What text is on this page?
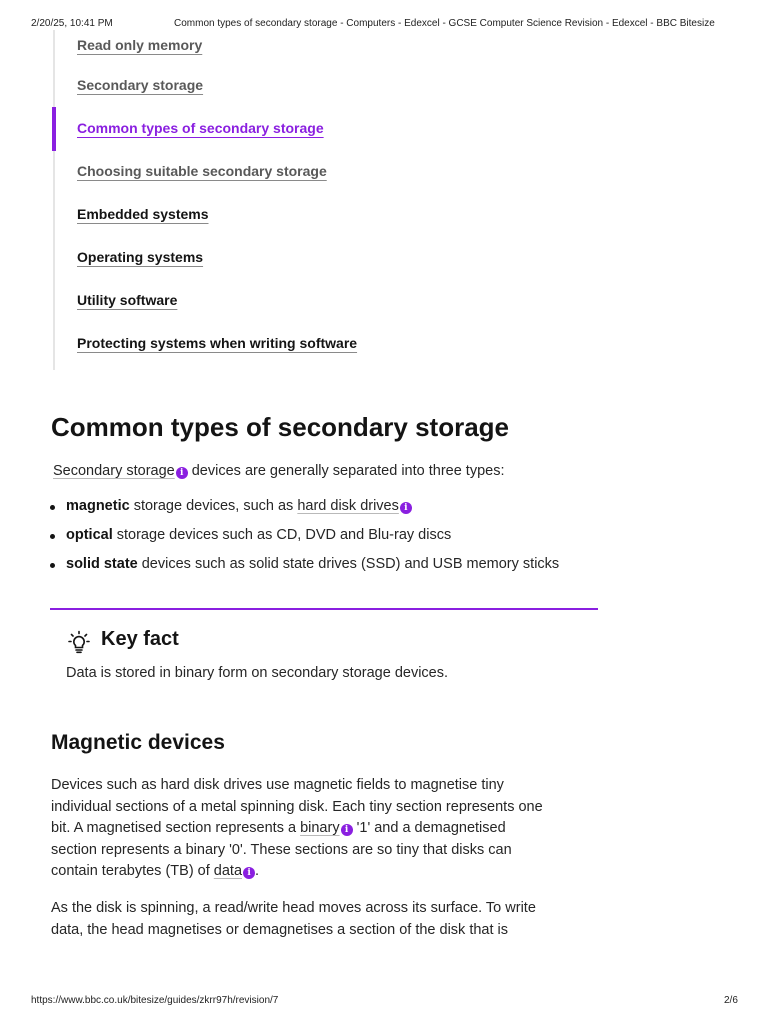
2/20/25, 10:41 PM	Common types of secondary storage - Computers - Edexcel - GCSE Computer Science Revision - Edexcel - BBC Bitesize
Read only memory
Secondary storage
Common types of secondary storage
Choosing suitable secondary storage
Embedded systems
Operating systems
Utility software
Protecting systems when writing software
Common types of secondary storage

Secondary storage i devices are generally separated into three types:

magnetic storage devices, such as hard disk drives i
optical storage devices such as CD, DVD and Blu-ray discs
solid state devices such as solid state drives (SSD) and USB memory sticks
Key fact

Data is stored in binary form on secondary storage devices.

Magnetic devices

Devices such as hard disk drives use magnetic fields to magnetise tiny
individual sections of a metal spinning disk. Each tiny section represents one
bit. A magnetised section represents a binary i '1' and a demagnetised
section represents a binary '0'. These sections are so tiny that disks can
contain terabytes (TB) of data i .

As the disk is spinning, a read/write head moves across its surface. To write
data, the head magnetises or demagnetises a section of the disk that is

https://www.bbc.co.uk/bitesize/guides/zkrr97h/revision/7	2/6
